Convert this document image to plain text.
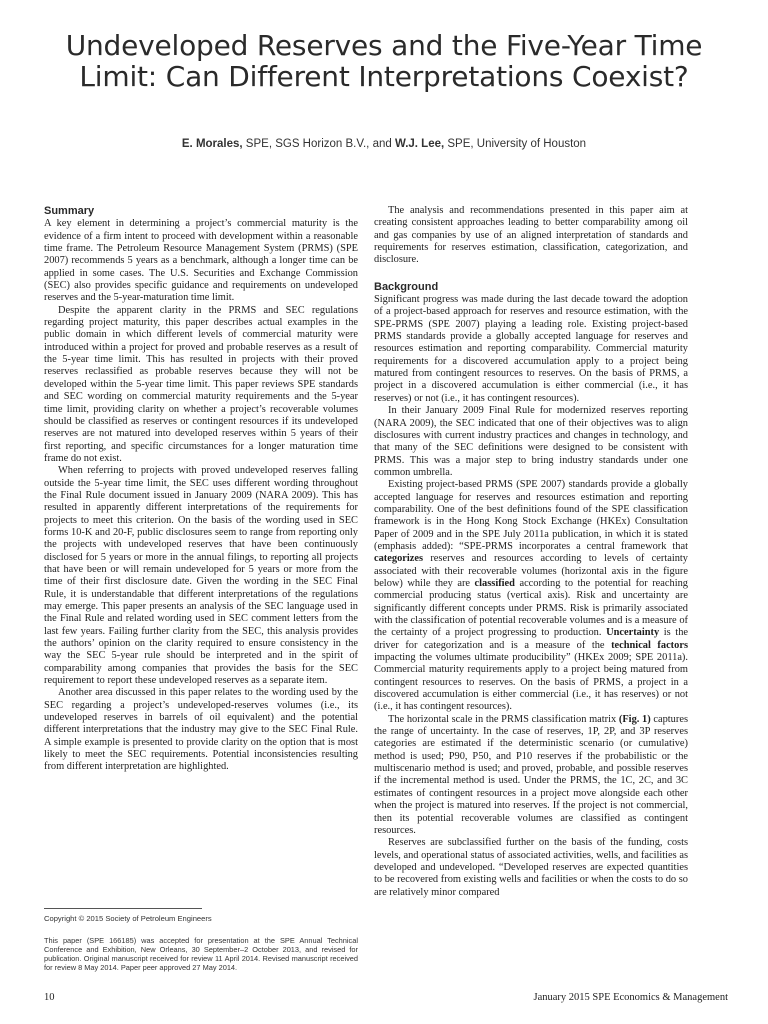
Undeveloped Reserves and the Five-Year Time Limit: Can Different Interpretations Coexist?
E. Morales, SPE, SGS Horizon B.V., and W.J. Lee, SPE, University of Houston
Summary

A key element in determining a project’s commercial maturity is the evidence of a firm intent to proceed with development within a reasonable time frame. The Petroleum Resource Management System (PRMS) (SPE 2007) recommends 5 years as a benchmark, although a longer time can be applied in some cases. The U.S. Securities and Exchange Commission (SEC) also provides specific guidance and requirements on undeveloped reserves and the 5-year-maturation time limit.

Despite the apparent clarity in the PRMS and SEC regulations regarding project maturity, this paper describes actual examples in the public domain in which different levels of commercial maturity were introduced within a project for proved and probable reserves as a result of the 5-year time limit. This has resulted in projects with their proved reserves reclassified as probable reserves because they will not be developed within the 5-year time limit. This paper reviews SPE standards and SEC wording on commercial maturity requirements and the 5-year time limit, providing clarity on whether a project’s recoverable volumes should be classified as reserves or contingent resources if its undeveloped reserves are not matured into developed reserves within 5 years of their first reporting, and specific circumstances for a longer maturation time frame do not exist.

When referring to projects with proved undeveloped reserves falling outside the 5-year time limit, the SEC uses different wording throughout the Final Rule document issued in January 2009 (NARA 2009). This has resulted in apparently different interpretations of the requirements for projects to meet this criterion. On the basis of the wording used in SEC forms 10-K and 20-F, public disclosures seem to range from reporting only the projects with undeveloped reserves that have been continuously disclosed for 5 years or more in the annual filings, to reporting all projects that have been or will remain undeveloped for 5 years or more from the time of their first disclosure date. Given the wording in the SEC Final Rule, it is understandable that different interpretations of the regulations may emerge. This paper presents an analysis of the SEC language used in the Final Rule and related wording used in SEC comment letters from the last few years. Failing further clarity from the SEC, this analysis provides the authors’ opinion on the clarity required to ensure consistency in the way the SEC 5-year rule should be interpreted and in the spirit of comparability among companies that provides the basis for the SEC requirement to report these undeveloped reserves as a separate item.

Another area discussed in this paper relates to the wording used by the SEC regarding a project’s undeveloped-reserves volumes (i.e., its undeveloped reserves in barrels of oil equivalent) and the potential different interpretations that the industry may give to the SEC Final Rule. A simple example is presented to provide clarity on the option that is most likely to meet the SEC requirements. Potential inconsistencies resulting from different interpretation are highlighted.

Copyright © 2015 Society of Petroleum Engineers
This paper (SPE 166185) was accepted for presentation at the SPE Annual Technical Conference and Exhibition, New Orleans, 30 September–2 October 2013, and revised for publication. Original manuscript received for review 11 April 2014. Revised manuscript received for review 8 May 2014. Paper peer approved 27 May 2014.

The analysis and recommendations presented in this paper aim at creating consistent approaches leading to better comparability among oil and gas companies by use of an aligned interpretation of standards and requirements for reserves estimation, classification, categorization, and disclosure.

Background

Significant progress was made during the last decade toward the adoption of a project-based approach for reserves and resource estimation, with the SPE-PRMS (SPE 2007) playing a leading role. Existing project-based PRMS standards provide a globally accepted language for reserves and resources estimation and reporting comparability. Commercial maturity requirements for a discovered accumulation apply to a project being matured from contingent resources to reserves. On the basis of PRMS, a project in a discovered accumulation is either commercial (i.e., it has reserves) or not (i.e., it has contingent resources).

In their January 2009 Final Rule for modernized reserves reporting (NARA 2009), the SEC indicated that one of their objectives was to align disclosures with current industry practices and changes in technology, and that many of the SEC definitions were designed to be consistent with PRMS. This was a major step to bring industry standards under one common umbrella.

Existing project-based PRMS (SPE 2007) standards provide a globally accepted language for reserves and resources estimation and reporting comparability. One of the best definitions found of the SPE classification framework is in the Hong Kong Stock Exchange (HKEx) Consultation Paper of 2009 and in the SPE July 2011a publication, in which it is stated (emphasis added): “SPE-PRMS incorporates a central framework that categorizes reserves and resources according to levels of certainty associated with their recoverable volumes (horizontal axis in the figure below) while they are classified according to the potential for reaching commercial producing status (vertical axis). Risk and uncertainty are significantly different concepts under PRMS. Risk is primarily associated with the classification of potential recoverable volumes and is a measure of the certainty of a project progressing to production. Uncertainty is the driver for categorization and is a measure of the technical factors impacting the volumes ultimate producibility” (HKEx 2009; SPE 2011a). Commercial maturity requirements apply to a project being matured from contingent resources to reserves. On the basis of PRMS, a project in a discovered accumulation is either commercial (i.e., it has reserves) or not (i.e., it has contingent resources).

The horizontal scale in the PRMS classification matrix (Fig. 1) captures the range of uncertainty. In the case of reserves, 1P, 2P, and 3P reserves categories are estimated if the deterministic scenario (or cumulative) method is used; P90, P50, and P10 reserves if the probabilistic or the multiscenario method is used; and proved, probable, and possible reserves if the incremental method is used. Under the PRMS, the 1C, 2C, and 3C estimates of contingent resources in a project move alongside each other when the project is matured into reserves. If the project is not commercial, then its potential recoverable volumes are classified as contingent resources.

Reserves are subclassified further on the basis of the funding, costs levels, and operational status of associated activities, wells, and facilities as developed and undeveloped. “Developed reserves are expected quantities to be recovered from existing wells and facilities or when the costs to do so are relatively minor compared

10	January 2015 SPE Economics & Management
